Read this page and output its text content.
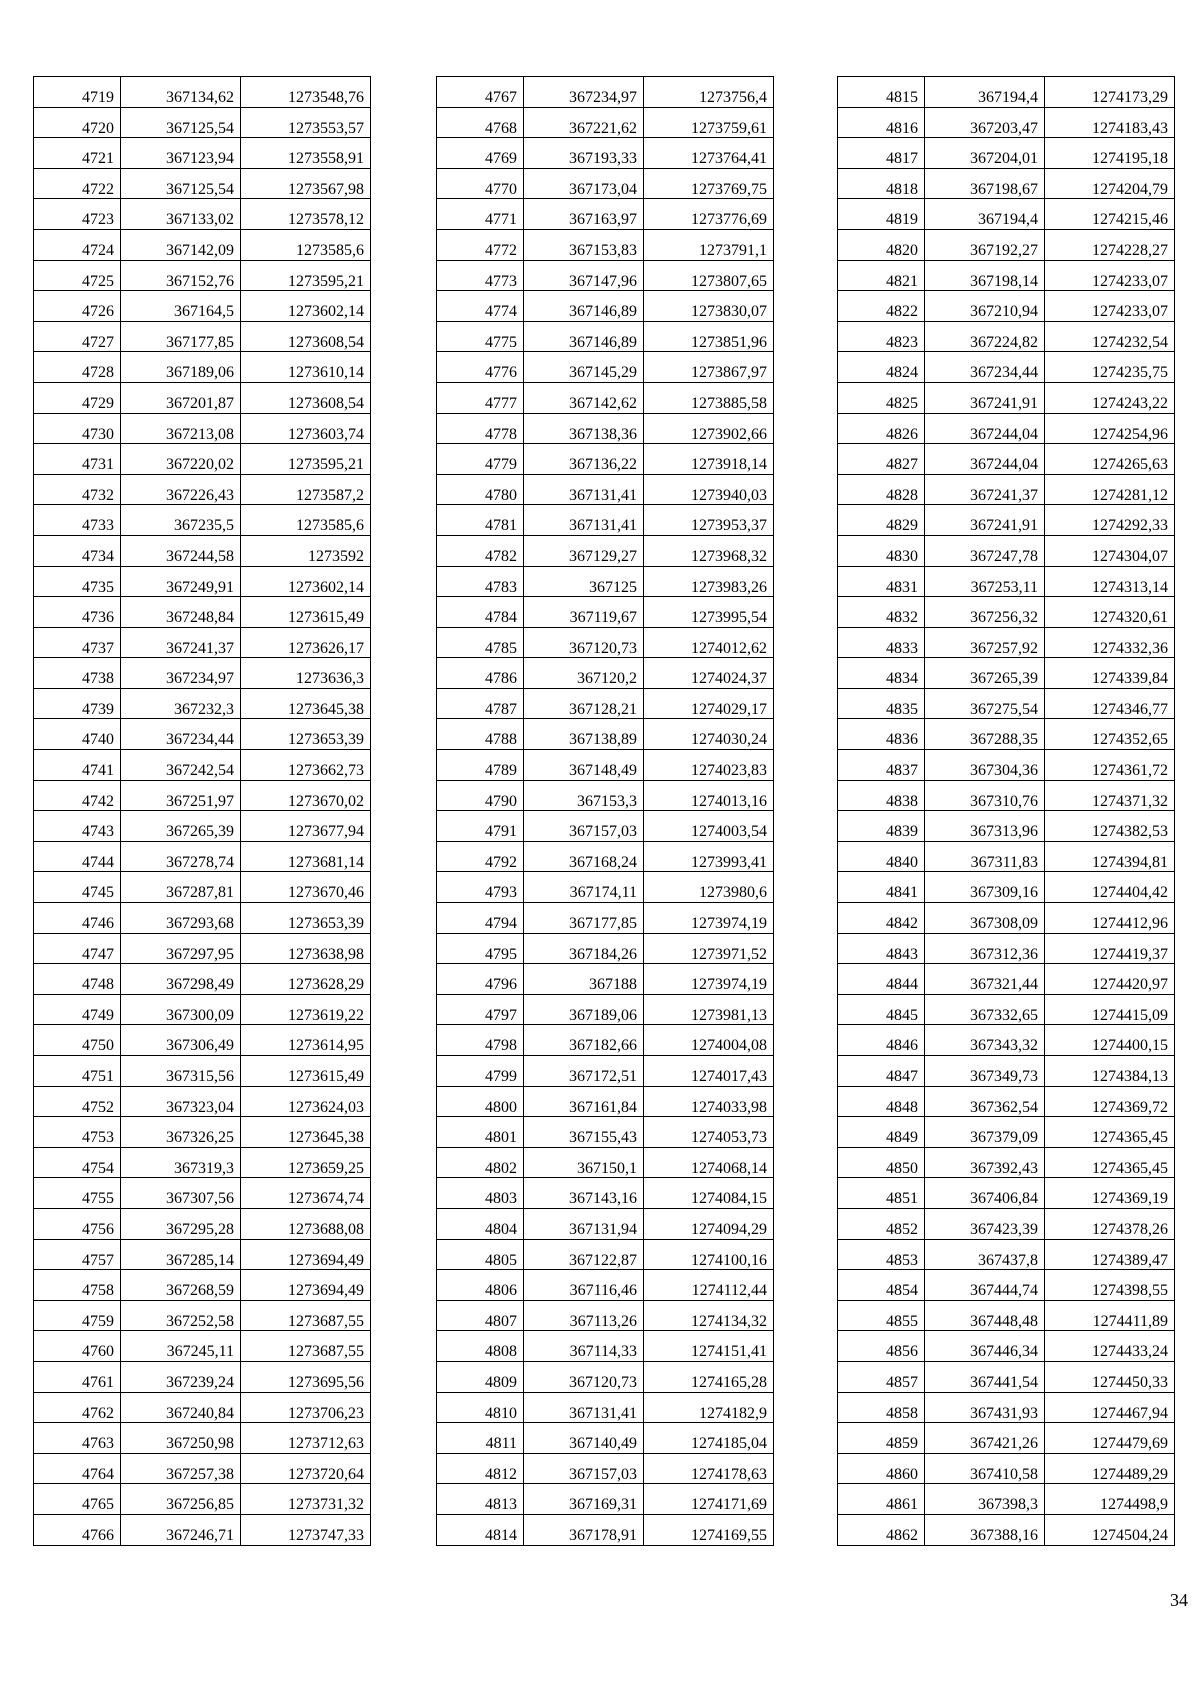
4719	367134,62	1273548,76
4720	367125,54	1273553,57
4721	367123,94	1273558,91
4722	367125,54	1273567,98
4723	367133,02	1273578,12
4724	367142,09	1273585,6
4725	367152,76	1273595,21
4726	367164,5	1273602,14
4727	367177,85	1273608,54
4728	367189,06	1273610,14
4729	367201,87	1273608,54
4730	367213,08	1273603,74
4731	367220,02	1273595,21
4732	367226,43	1273587,2
4733	367235,5	1273585,6
4734	367244,58	1273592
4735	367249,91	1273602,14
4736	367248,84	1273615,49
4737	367241,37	1273626,17
4738	367234,97	1273636,3
4739	367232,3	1273645,38
4740	367234,44	1273653,39
4741	367242,54	1273662,73
4742	367251,97	1273670,02
4743	367265,39	1273677,94
4744	367278,74	1273681,14
4745	367287,81	1273670,46
4746	367293,68	1273653,39
4747	367297,95	1273638,98
4748	367298,49	1273628,29
4749	367300,09	1273619,22
4750	367306,49	1273614,95
4751	367315,56	1273615,49
4752	367323,04	1273624,03
4753	367326,25	1273645,38
4754	367319,3	1273659,25
4755	367307,56	1273674,74
4756	367295,28	1273688,08
4757	367285,14	1273694,49
4758	367268,59	1273694,49
4759	367252,58	1273687,55
4760	367245,11	1273687,55
4761	367239,24	1273695,56
4762	367240,84	1273706,23
4763	367250,98	1273712,63
4764	367257,38	1273720,64
4765	367256,85	1273731,32
4766	367246,71	1273747,33
4767	367234,97	1273756,4
4768	367221,62	1273759,61
4769	367193,33	1273764,41
4770	367173,04	1273769,75
4771	367163,97	1273776,69
4772	367153,83	1273791,1
4773	367147,96	1273807,65
4774	367146,89	1273830,07
4775	367146,89	1273851,96
4776	367145,29	1273867,97
4777	367142,62	1273885,58
4778	367138,36	1273902,66
4779	367136,22	1273918,14
4780	367131,41	1273940,03
4781	367131,41	1273953,37
4782	367129,27	1273968,32
4783	367125	1273983,26
4784	367119,67	1273995,54
4785	367120,73	1274012,62
4786	367120,2	1274024,37
4787	367128,21	1274029,17
4788	367138,89	1274030,24
4789	367148,49	1274023,83
4790	367153,3	1274013,16
4791	367157,03	1274003,54
4792	367168,24	1273993,41
4793	367174,11	1273980,6
4794	367177,85	1273974,19
4795	367184,26	1273971,52
4796	367188	1273974,19
4797	367189,06	1273981,13
4798	367182,66	1274004,08
4799	367172,51	1274017,43
4800	367161,84	1274033,98
4801	367155,43	1274053,73
4802	367150,1	1274068,14
4803	367143,16	1274084,15
4804	367131,94	1274094,29
4805	367122,87	1274100,16
4806	367116,46	1274112,44
4807	367113,26	1274134,32
4808	367114,33	1274151,41
4809	367120,73	1274165,28
4810	367131,41	1274182,9
4811	367140,49	1274185,04
4812	367157,03	1274178,63
4813	367169,31	1274171,69
4814	367178,91	1274169,55
4815	367194,4	1274173,29
4816	367203,47	1274183,43
4817	367204,01	1274195,18
4818	367198,67	1274204,79
4819	367194,4	1274215,46
4820	367192,27	1274228,27
4821	367198,14	1274233,07
4822	367210,94	1274233,07
4823	367224,82	1274232,54
4824	367234,44	1274235,75
4825	367241,91	1274243,22
4826	367244,04	1274254,96
4827	367244,04	1274265,63
4828	367241,37	1274281,12
4829	367241,91	1274292,33
4830	367247,78	1274304,07
4831	367253,11	1274313,14
4832	367256,32	1274320,61
4833	367257,92	1274332,36
4834	367265,39	1274339,84
4835	367275,54	1274346,77
4836	367288,35	1274352,65
4837	367304,36	1274361,72
4838	367310,76	1274371,32
4839	367313,96	1274382,53
4840	367311,83	1274394,81
4841	367309,16	1274404,42
4842	367308,09	1274412,96
4843	367312,36	1274419,37
4844	367321,44	1274420,97
4845	367332,65	1274415,09
4846	367343,32	1274400,15
4847	367349,73	1274384,13
4848	367362,54	1274369,72
4849	367379,09	1274365,45
4850	367392,43	1274365,45
4851	367406,84	1274369,19
4852	367423,39	1274378,26
4853	367437,8	1274389,47
4854	367444,74	1274398,55
4855	367448,48	1274411,89
4856	367446,34	1274433,24
4857	367441,54	1274450,33
4858	367431,93	1274467,94
4859	367421,26	1274479,69
4860	367410,58	1274489,29
4861	367398,3	1274498,9
4862	367388,16	1274504,24
34
